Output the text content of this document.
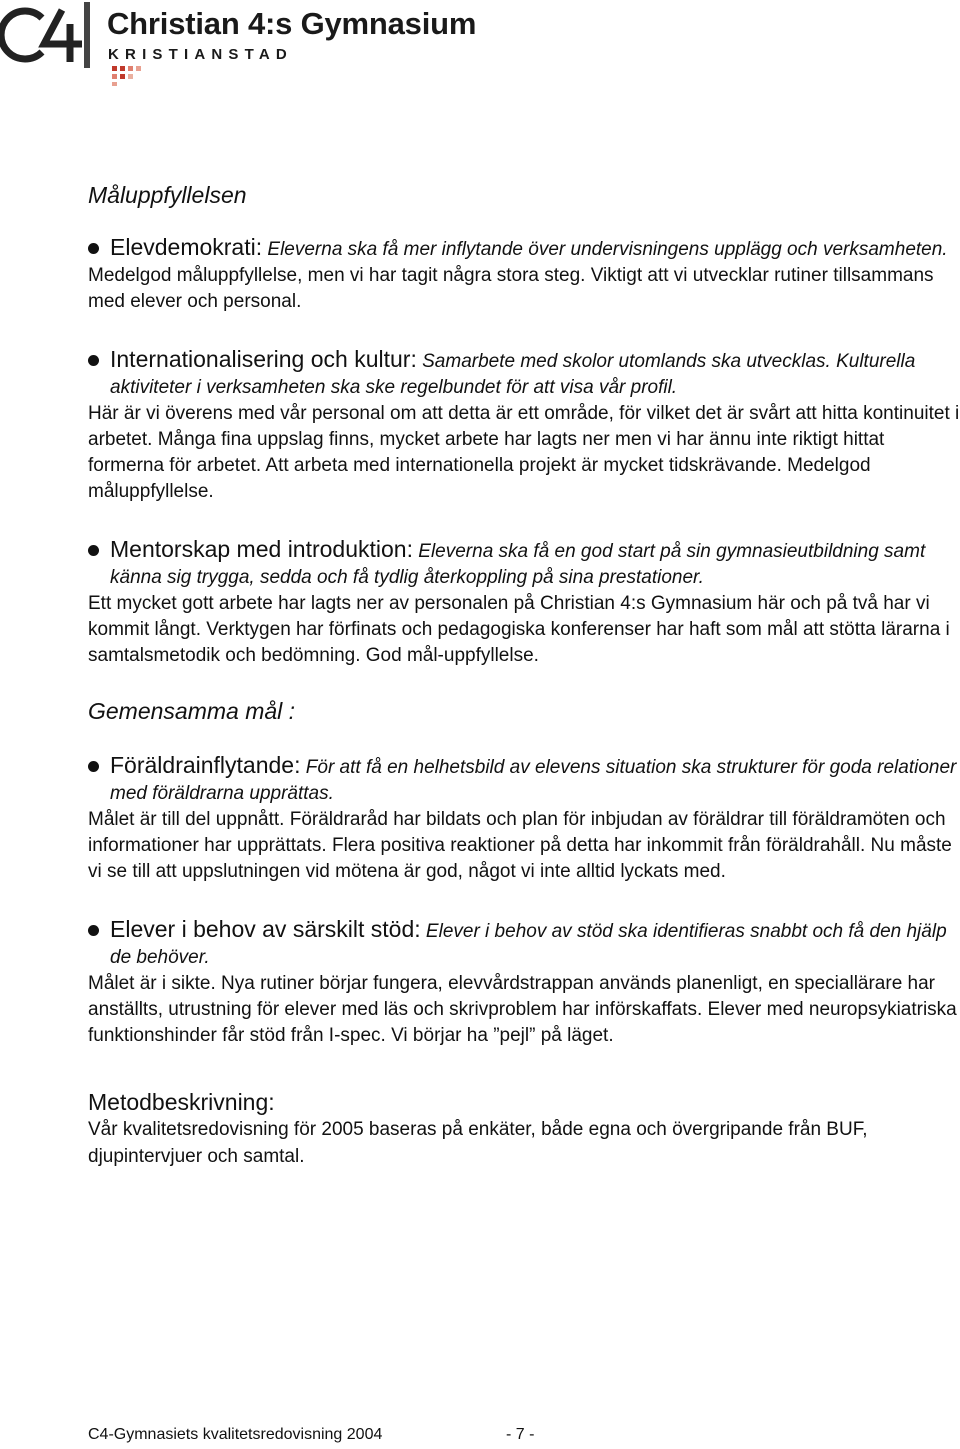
Christian 4:s Gymnasium
KRISTIANSTAD
Måluppfyllelsen
Elevdemokrati: Eleverna ska få mer inflytande över undervisningens upplägg och verksamheten.

Medelgod måluppfyllelse, men vi har tagit några stora steg. Viktigt att vi utvecklar rutiner tillsammans med elever och personal.

Internationalisering och kultur: Samarbete med skolor utomlands ska utvecklas. Kulturella aktiviteter i verksamheten ska ske regelbundet för att visa vår profil.

Här är vi överens med vår personal om att detta är ett område, för vilket det är svårt att hitta kontinuitet i arbetet. Många fina uppslag finns, mycket arbete har lagts ner men vi har ännu inte riktigt hittat formerna för arbetet. Att arbeta med internationella projekt är mycket tidskrävande. Medelgod måluppfyllelse.

Mentorskap med introduktion: Eleverna ska få en god start på sin gymnasieutbildning samt känna sig trygga, sedda och få tydlig återkoppling på sina prestationer.

Ett mycket gott arbete har lagts ner av personalen på Christian 4:s Gymnasium här och på två har vi kommit långt. Verktygen har förfinats och pedagogiska konferenser har haft som mål att stötta lärarna i samtalsmetodik och bedömning. God mål-uppfyllelse.

Gemensamma mål :
Föräldrainflytande: För att få en helhetsbild av elevens situation ska strukturer för goda relationer med föräldrarna upprättas.

Målet är till del uppnått. Föräldraråd har bildats och plan för inbjudan av föräldrar till föräldramöten och informationer har upprättats. Flera positiva reaktioner på detta har inkommit från föräldrahåll. Nu måste vi se till att uppslutningen vid mötena är god, något vi inte alltid lyckats med.

Elever i behov av särskilt stöd: Elever i behov av stöd ska identifieras snabbt och få den hjälp de behöver.

Målet är i sikte. Nya rutiner börjar fungera, elevvårdstrappan används planenligt, en speciallärare har anställts, utrustning för elever med läs och skrivproblem har införskaffats. Elever med neuropsykiatriska funktionshinder får stöd från I-spec. Vi börjar ha ”pejl” på läget.

Metodbeskrivning:

Vår kvalitetsredovisning för 2005 baseras på enkäter, både egna och övergripande från BUF, djupintervjuer och samtal.

C4-Gymnasiets kvalitetsredovisning 2004	- 7 -
